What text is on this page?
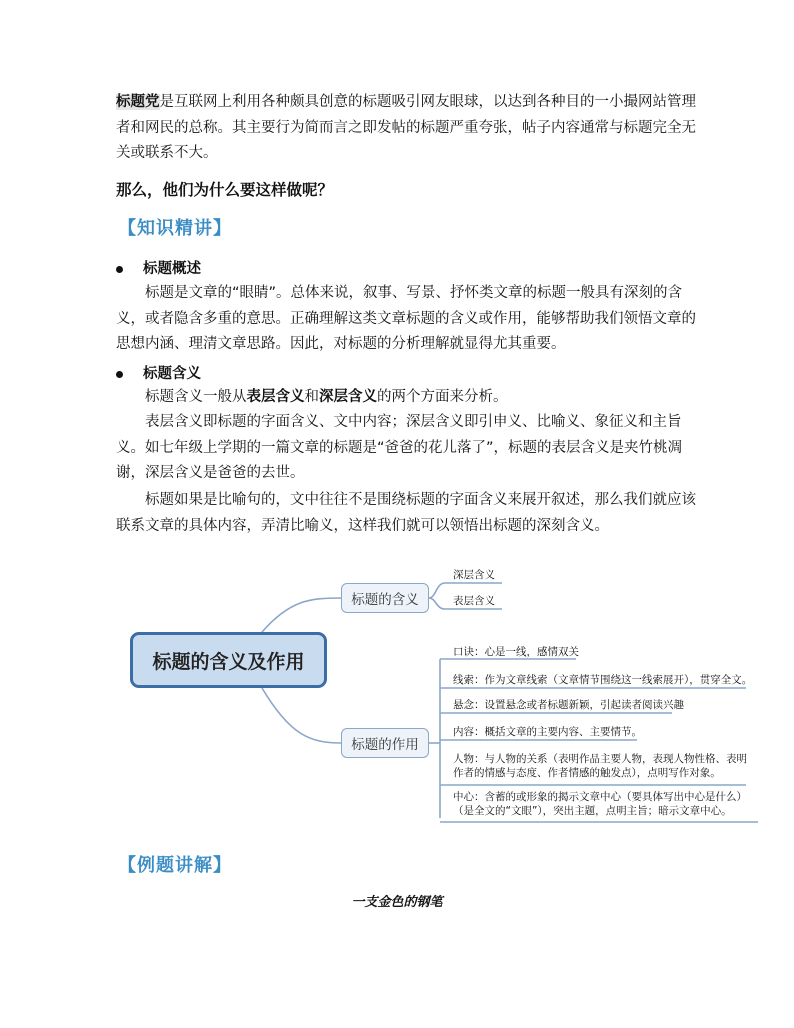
标题党是互联网上利用各种颇具创意的标题吸引网友眼球，以达到各种目的一小撮网站管理者和网民的总称。其主要行为简而言之即发帖的标题严重夸张，帖子内容通常与标题完全无关或联系不大。

那么，他们为什么要这样做呢？
【知识精讲】
标题概述

标题是文章的“眼睛”。总体来说，叙事、写景、抒怀类文章的标题一般具有深刻的含义，或者隐含多重的意思。正确理解这类文章标题的含义或作用，能够帮助我们领悟文章的思想内涵、理清文章思路。因此，对标题的分析理解就显得尤其重要。

标题含义

标题含义一般从表层含义和深层含义的两个方面来分析。

表层含义即标题的字面含义、文中内容；深层含义即引申义、比喻义、象征义和主旨义。如七年级上学期的一篇文章的标题是“爸爸的花儿落了”，标题的表层含义是夹竹桃凋谢，深层含义是爸爸的去世。

标题如果是比喻句的，文中往往不是围绕标题的字面含义来展开叙述，那么我们就应该联系文章的具体内容，弄清比喻义，这样我们就可以领悟出标题的深刻含义。

标题的含义及作用
标题的含义
标题的作用
深层含义
表层含义
口诀：心是一线，感情双关
线索：作为文章线索（文章情节围绕这一线索展开），贯穿全文。
悬念：设置悬念或者标题新颖，引起读者阅读兴趣
内容：概括文章的主要内容、主要情节。
人物：与人物的关系（表明作品主要人物，表现人物性格、表明作者的情感与态度、作者情感的触发点），点明写作对象。
中心：含蓄的或形象的揭示文章中心（要具体写出中心是什么）（是全文的“文眼”），突出主题，点明主旨；暗示文章中心。
【例题讲解】
一支金色的钢笔
